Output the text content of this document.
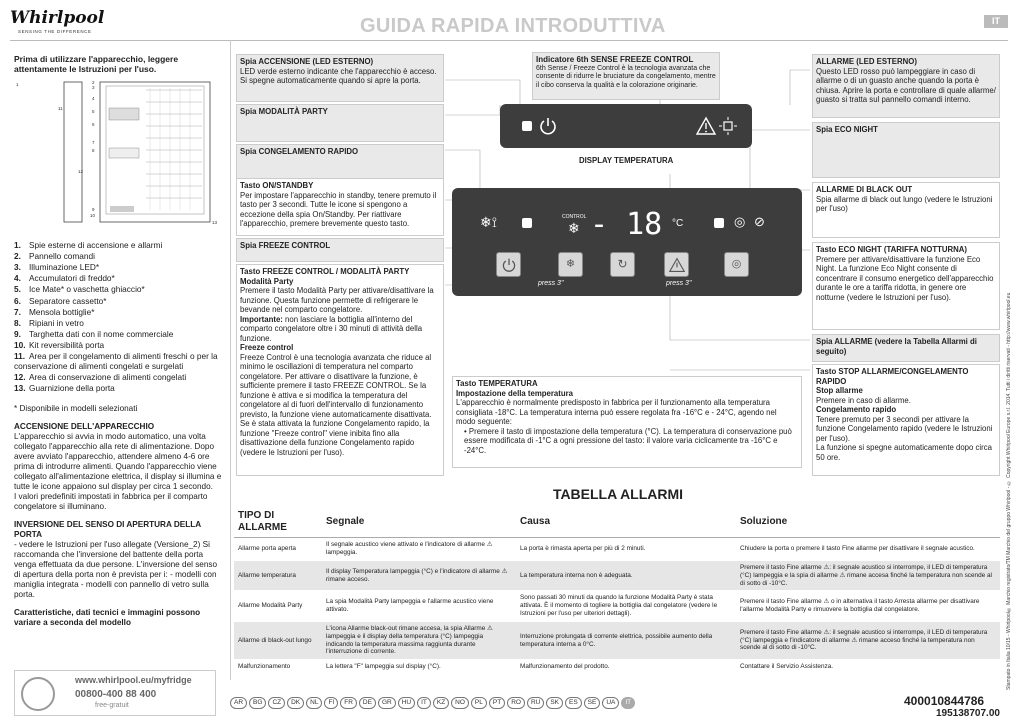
Whirlpool
SENSING THE DIFFERENCE	GUIDA RAPIDA INTRODUTTIVA	IT
Prima di utilizzare l'apparecchio, leggere attentamente le Istruzioni per l'uso.
1	2
3
4
5
6
7
8
9
10
11
12
13
1. Spie esterne di accensione e allarmi
2. Pannello comandi
3. Illuminazione LED*
4. Accumulatori di freddo*
5. Ice Mate* o vaschetta ghiaccio*
6. Separatore cassetto*
7. Mensola bottiglie*
8. Ripiani in vetro
9. Targhetta dati con il nome commerciale
10. Kit reversibilità porta
11. Area per il congelamento di alimenti freschi o per la conservazione di alimenti congelati e surgelati
12. Area di conservazione di alimenti congelati
13. Guarnizione della porta

* Disponibile in modelli selezionati

ACCENSIONE DELL'APPARECCHIO

L'apparecchio si avvia in modo automatico, una volta collegato l'apparecchio alla rete di alimentazione. Dopo avere avviato l'apparecchio, attendere almeno 4-6 ore prima di introdurre alimenti. Quando l'apparecchio viene collegato all'alimentazione elettrica, il display si illumina e tutte le icone appaiono sul display per circa 1 secondo.

I valori predefiniti impostati in fabbrica per il comparto congelatore si illuminano.

INVERSIONE DEL SENSO DI APERTURA DELLA PORTA

- vedere le Istruzioni per l'uso allegate (Versione_2) Si raccomanda che l'inversione del battente della porta venga effettuata da due persone. L'inversione del senso di apertura della porta non è prevista per i: - modelli con maniglia integrata - modelli con pannello di vetro sulla porta.

Caratteristiche, dati tecnici e immagini possono variare a seconda del modello

www.whirlpool.eu/myfridge
00800-400 88 400
free-gratuit
❄⟟	CONTROL
❄ - 18 °C	◎ ⊘
❄	↻	◎
press 3"	press 3"
Spia ACCENSIONE (LED ESTERNO)
LED verde esterno indicante che l'apparecchio è acceso. Si spegne automaticamente quando si apre la porta.
Spia MODALITÀ PARTY
Spia CONGELAMENTO RAPIDO
Tasto ON/STANDBY
Per impostare l'apparecchio in standby, tenere premuto il tasto per 3 secondi. Tutte le icone si spengono a eccezione della spia On/Standby. Per riattivare l'apparecchio, premere brevemente questo tasto.
Spia FREEZE CONTROL
Tasto FREEZE CONTROL / MODALITÀ PARTY
Modalità Party
Premere il tasto Modalità Party per attivare/disattivare la funzione. Questa funzione permette di refrigerare le bevande nel comparto congelatore.
Importante: non lasciare la bottiglia all'interno del comparto congelatore oltre i 30 minuti di attività della funzione.
Freeze control
Freeze Control è una tecnologia avanzata che riduce al minimo le oscillazioni di temperatura nel comparto congelatore. Per attivare o disattivare la funzione, è sufficiente premere il tasto FREEZE CONTROL. Se la funzione è attiva e si modifica la temperatura del congelatore al di fuori dell'intervallo di funzionamento previsto, la funzione viene automaticamente disattivata. Se è stata attivata la funzione Congelamento rapido, la funzione "Freeze control" viene inibita fino alla disattivazione della funzione Congelamento rapido (vedere le Istruzioni per l'uso).
Indicatore 6th SENSE FREEZE CONTROL
6th Sense / Freeze Control è la tecnologia avanzata che consente di ridurre le bruciature da congelamento, mentre il cibo conserva la qualità e la colorazione originarie.
DISPLAY TEMPERATURA
Tasto TEMPERATURA
Impostazione della temperatura
L'apparecchio è normalmente predisposto in fabbrica per il funzionamento alla temperatura consigliata -18°C. La temperatura interna può essere regolata fra -16°C e - 24°C, agendo nel modo seguente:
• Premere il tasto di impostazione della temperatura (°C). La temperatura di conservazione può essere modificata di -1°C a ogni pressione del tasto: il valore varia ciclicamente tra -16°C e -24°C.
ALLARME (LED ESTERNO)
Questo LED rosso può lampeggiare in caso di allarme o di un guasto anche quando la porta è chiusa. Aprire la porta e controllare di quale allarme/ guasto si tratta sul pannello comandi interno.
Spia ECO NIGHT
ALLARME DI BLACK OUT
Spia allarme di black out lungo (vedere le Istruzioni per l'uso)
Tasto ECO NIGHT (TARIFFA NOTTURNA)
Premere per attivare/disattivare la funzione Eco Night. La funzione Eco Night consente di concentrare il consumo energetico dell'apparecchio durante le ore a tariffa ridotta, in genere ore notturne (vedere le Istruzioni per l'uso).
Spia ALLARME (vedere la Tabella Allarmi di seguito)
Tasto STOP ALLARME/CONGELAMENTO RAPIDO
Stop allarme
Premere in caso di allarme.
Congelamento rapido
Tenere premuto per 3 secondi per attivare la funzione Congelamento rapido (vedere le Istruzioni per l'uso).
La funzione si spegne automaticamente dopo circa 50 ore.
TABELLA ALLARMI
TIPO DI ALLARME	Segnale	Causa	Soluzione
Allarme porta aperta	Il segnale acustico viene attivato e l'indicatore di allarme ⚠ lampeggia.	La porta è rimasta aperta per più di 2 minuti.	Chiudere la porta o premere il tasto Fine allarme per disattivare il segnale acustico.
Allarme temperatura	Il display Temperatura lampeggia (°C) e l'indicatore di allarme ⚠ rimane acceso.	La temperatura interna non è adeguata.	Premere il tasto Fine allarme ⚠: il segnale acustico si interrompe, il LED di temperatura (°C) lampeggia e la spia di allarme ⚠ rimane accesa finché la temperatura non scende al di sotto di -10°C.
Allarme Modalità Party	La spia Modalità Party lampeggia e l'allarme acustico viene attivato.	Sono passati 30 minuti da quando la funzione Modalità Party è stata attivata. È il momento di togliere la bottiglia dal congelatore (vedere le Istruzioni per l'uso per ulteriori dettagli).	Premere il tasto Fine allarme ⚠ o in alternativa il tasto Arresta allarme per disattivare l'allarme Modalità Party e rimuovere la bottiglia dal congelatore.
Allarme di black-out lungo	L'icona Allarme black-out rimane accesa, la spia Allarme ⚠ lampeggia e il display della temperatura (°C) lampeggia indicando la temperatura massima raggiunta durante l'interruzione di corrente.	Interruzione prolungata di corrente elettrica, possibile aumento della temperatura interna a 0°C.	Premere il tasto Fine allarme ⚠: il segnale acustico si interrompe, il LED di temperatura (°C) lampeggia e l'indicatore di allarme ⚠ rimane acceso finché la temperatura non scende al di sotto di -10°C.
Malfunzionamento	La lettera "F" lampeggia sul display (°C).	Malfunzionamento del prodotto.	Contattare il Servizio Assistenza.
AR	BG	CZ	DK	NL	FI	FR	DE	GR	HU	IT	KZ	NO	PL	PT	RO	RU	SK	ES	SE	UA	IT	400010844786
195138707.00
Stampato in Italia 10/15 - Whirlpool® Marchio registrato/TM Marchio del gruppo Whirlpool - © Copyright Whirlpool Europe s.r.l. 2014. Tutti i diritti riservati - http://www.whirlpool.eu
